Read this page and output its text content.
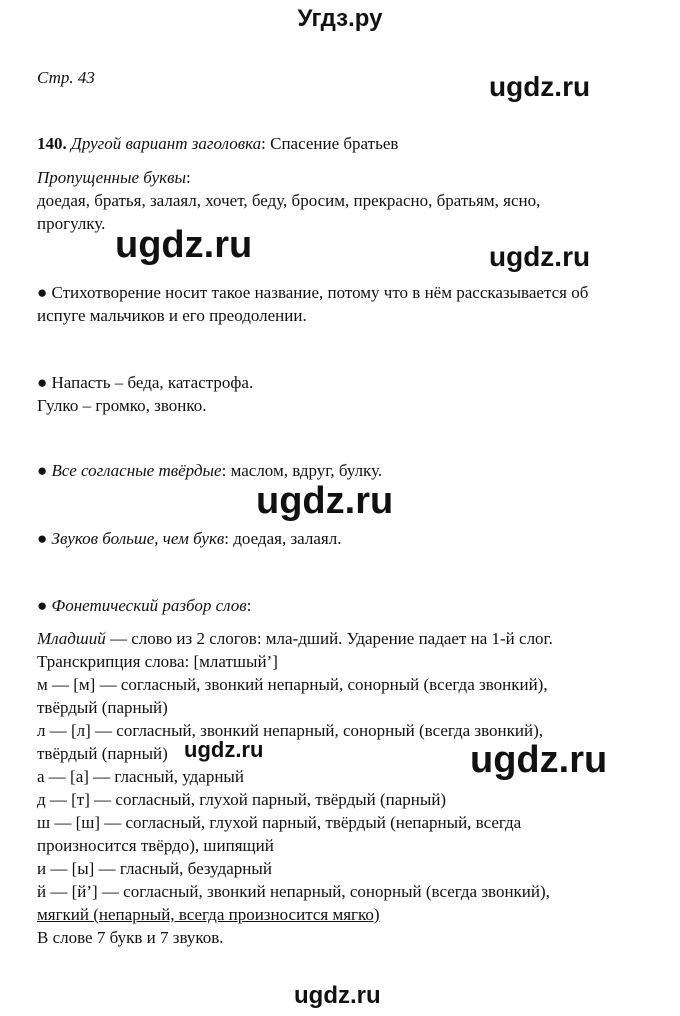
Угдз.ру
Стр. 43	ugdz.ru
ugdz.ru	ugdz.ru
ugdz.ru
ugdz.ru	ugdz.ru
ugdz.ru
140. Другой вариант заголовка: Спасение братьев
Пропущенные буквы:
доедая, братья, залаял, хочет, беду, бросим, прекрасно, братьям, ясно,
прогулку.
● Стихотворение носит такое название, потому что в нём рассказывается об
испуге мальчиков и его преодолении.
● Напасть – беда, катастрофа.
Гулко – громко, звонко.
● Все согласные твёрдые: маслом, вдруг, булку.
● Звуков больше, чем букв: доедая, залаял.
● Фонетический разбор слов:
Младший — слово из 2 слогов: мла-дший. Ударение падает на 1-й слог.
Транскрипция слова: [млатшый’]
м — [м] — согласный, звонкий непарный, сонорный (всегда звонкий),
твёрдый (парный)
л — [л] — согласный, звонкий непарный, сонорный (всегда звонкий),
твёрдый (парный)
а — [а] — гласный, ударный
д — [т] — согласный, глухой парный, твёрдый (парный)
ш — [ш] — согласный, глухой парный, твёрдый (непарный, всегда
произносится твёрдо), шипящий
и — [ы] — гласный, безударный
й — [й’] — согласный, звонкий непарный, сонорный (всегда звонкий),
мягкий (непарный, всегда произносится мягко)
В слове 7 букв и 7 звуков.
